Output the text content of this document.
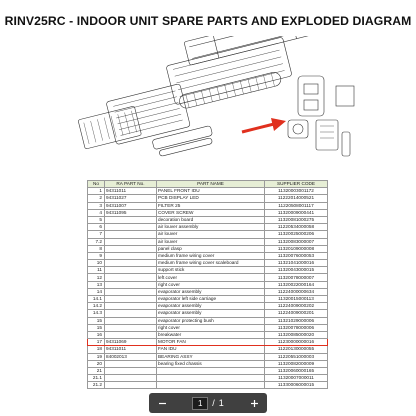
RINV25RC - INDOOR UNIT SPARE PARTS AND EXPLODED DIAGRAM
No	RA PART No.	PART NAME	SUPPLIER CODE
1	94311011	PANEL FRONT IDU	11320003001172
2	94311027	PCB DISPLAY LED	11222014000521
3	94311007	FILTER 25	11220508001117
4	94311095	COVER SCREW	11320009000441
5		decoration board	11320081000275
6		air louver assembly	11220534000058
7		air louver	11320025000206
7.2		air louver	11320083000007
8		panel clasp	11320109000008
9		medium frame wiring cover	11320076000053
10		medium frame wiring cover scaleboard	11321041000016
11		support stick	11320043000015
12		left cover	11320078000007
13		right cover	11320022000164
14		evaporator assembly	11224000000634
14.1		evaporator left side carriage	11320015000113
14.2		evaporator assembly	11224009000202
14.3		evaporator assembly	11224009000201
15		evaporator protecting bush	11321029000006
15		right cover	11320078000006
16		breakwater	11320085000020
17	94311069	MOTOR FAN	11230000000016
18	94311011	FAN IDU	11220130000055
19	84002013	BEARING ASSY	11220551000003
20		bearing fixed chassis	11320082000009
21			11320060000165
21.1			11320007000011
21.2			11330006000015
1	/ 1
